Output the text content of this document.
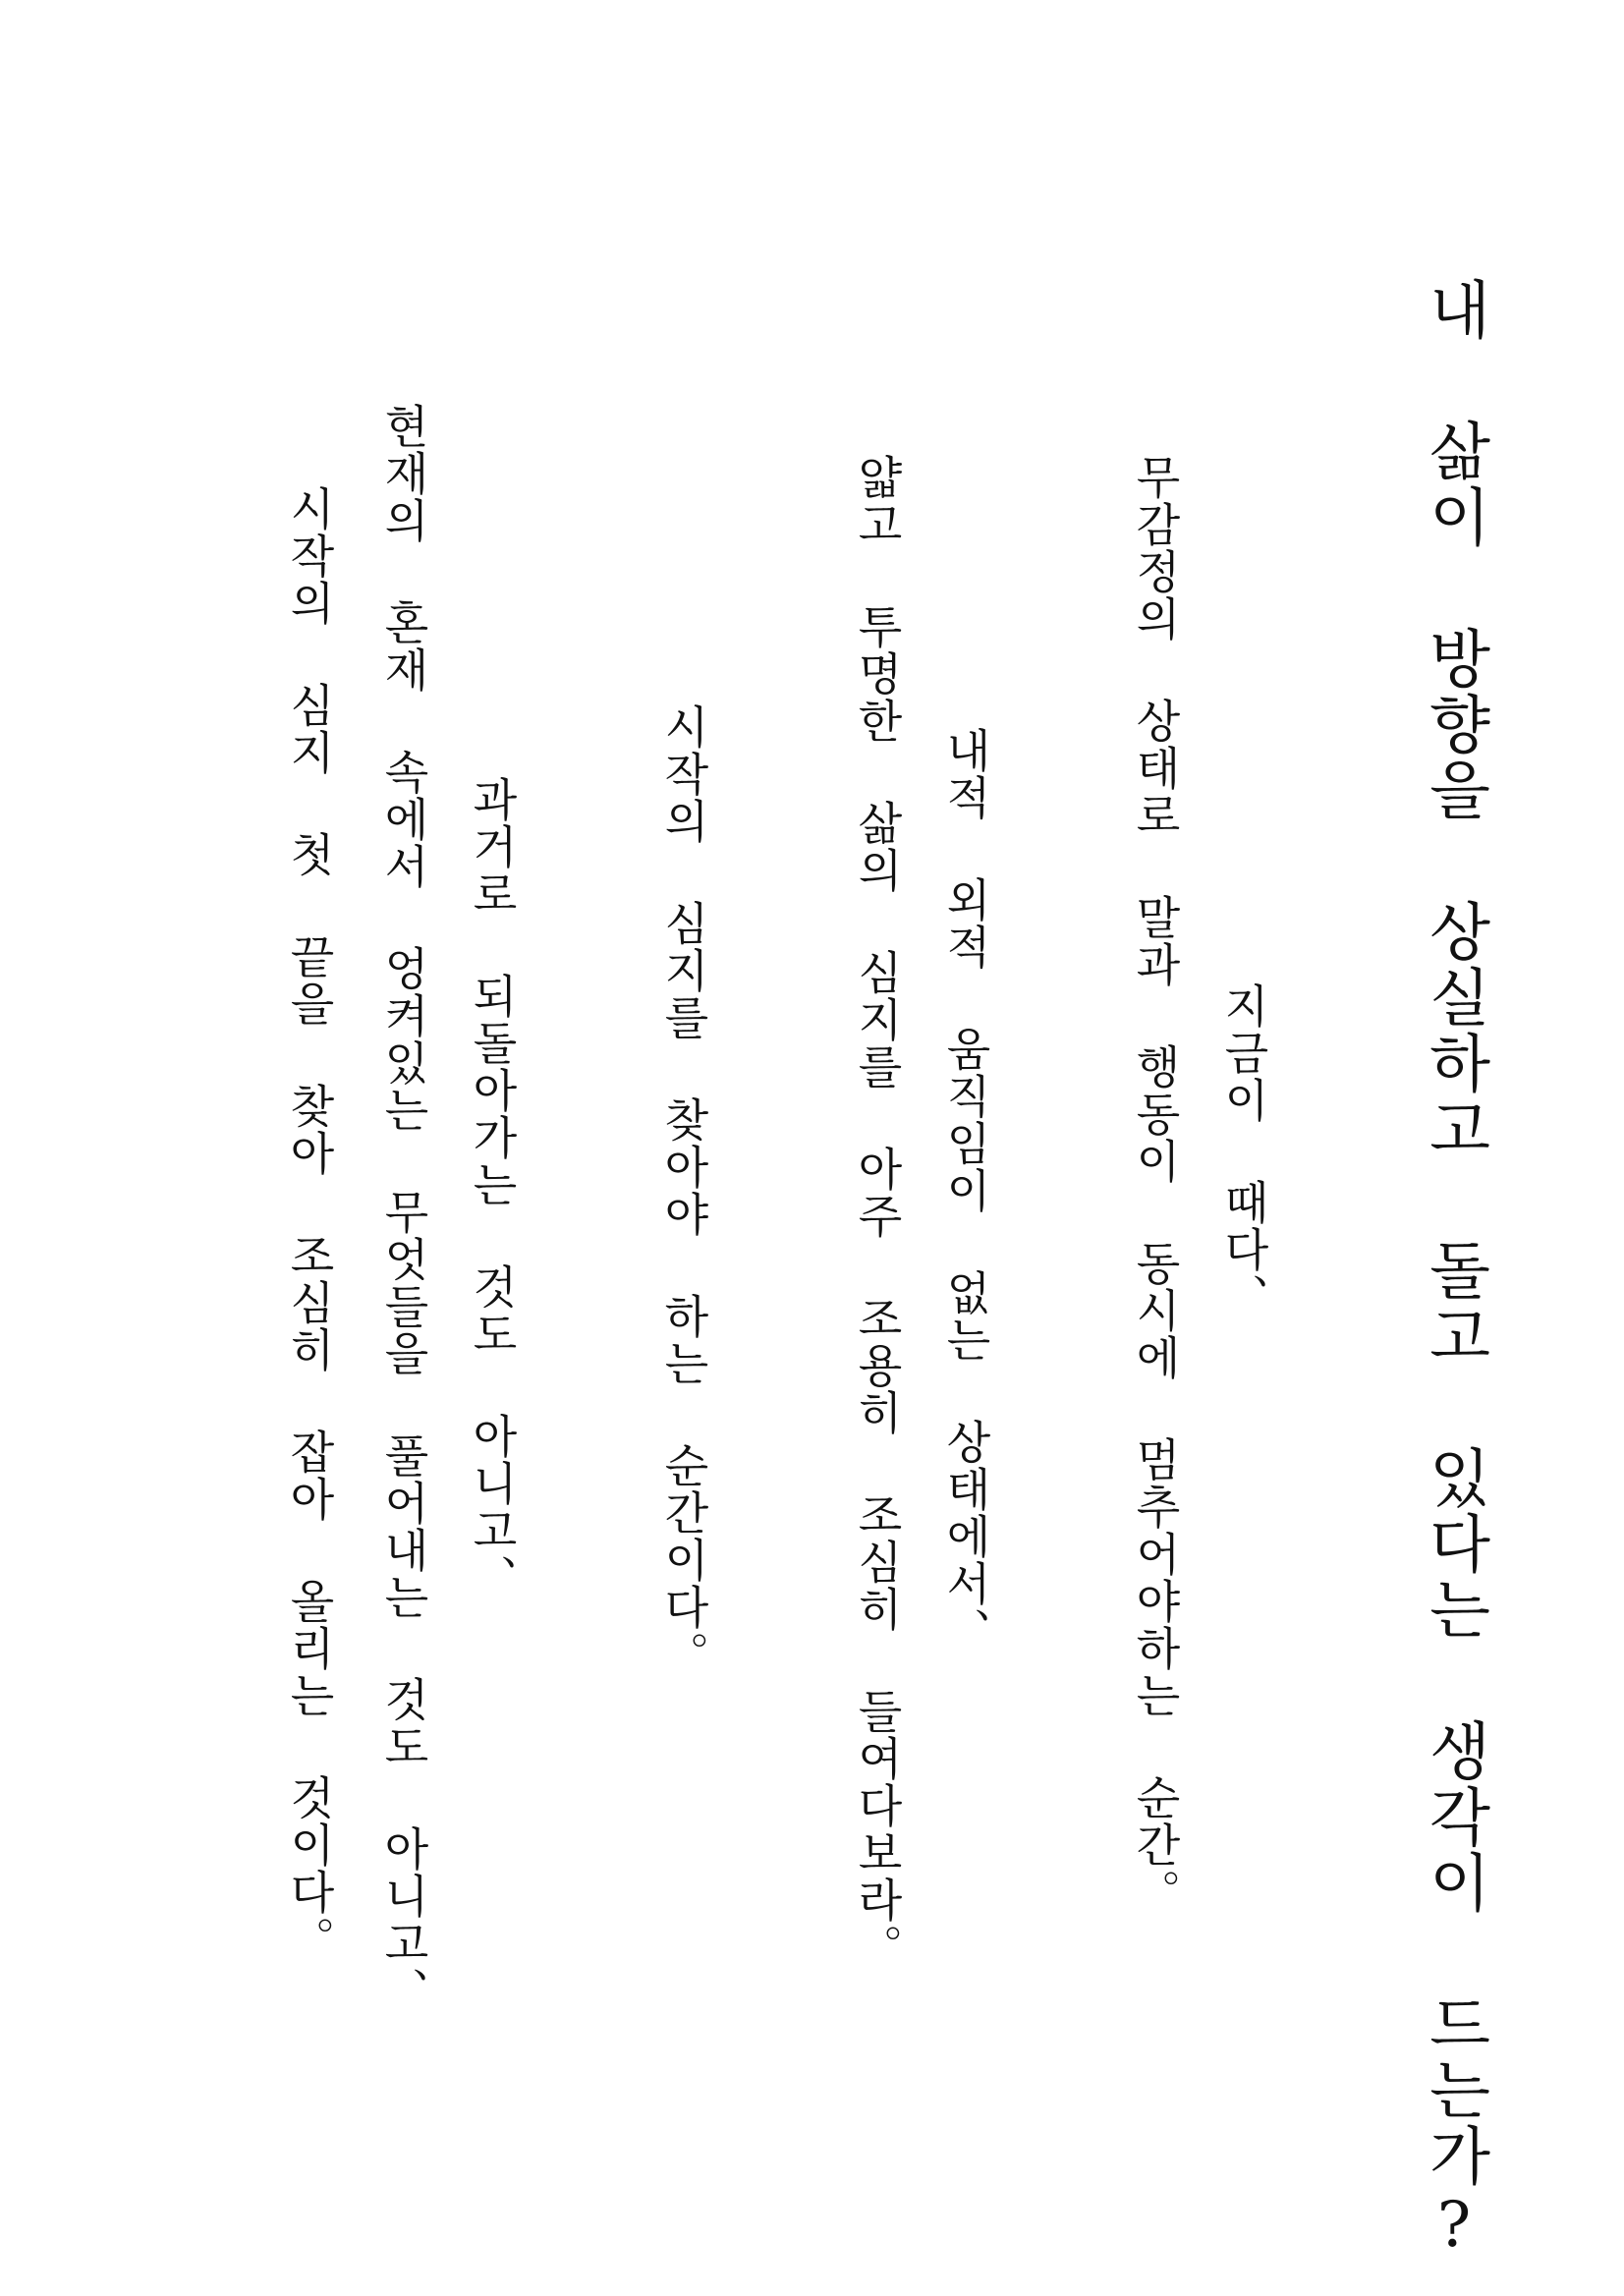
내 삶이 방향을 상실하고 돌고 있다는 생각이 드는가?
지금이 때다、
무감정의 상태로 말과 행동이 동시에 멈추어야하는 순간。
내적 외적 움직임이 없는 상태에서、
얇고 투명한 삶의 심지를 아주 조용히 조심히 들여다보라。
시작의 심지를 찾아야 하는 순간이다。
과거로 되돌아가는 것도 아니고、
현재의 혼재 속에서 엉켜있는 무엇들을 풀어내는 것도 아니고、
시작의 심지 첫 끝을 찾아 조심히 잡아 올리는 것이다。
